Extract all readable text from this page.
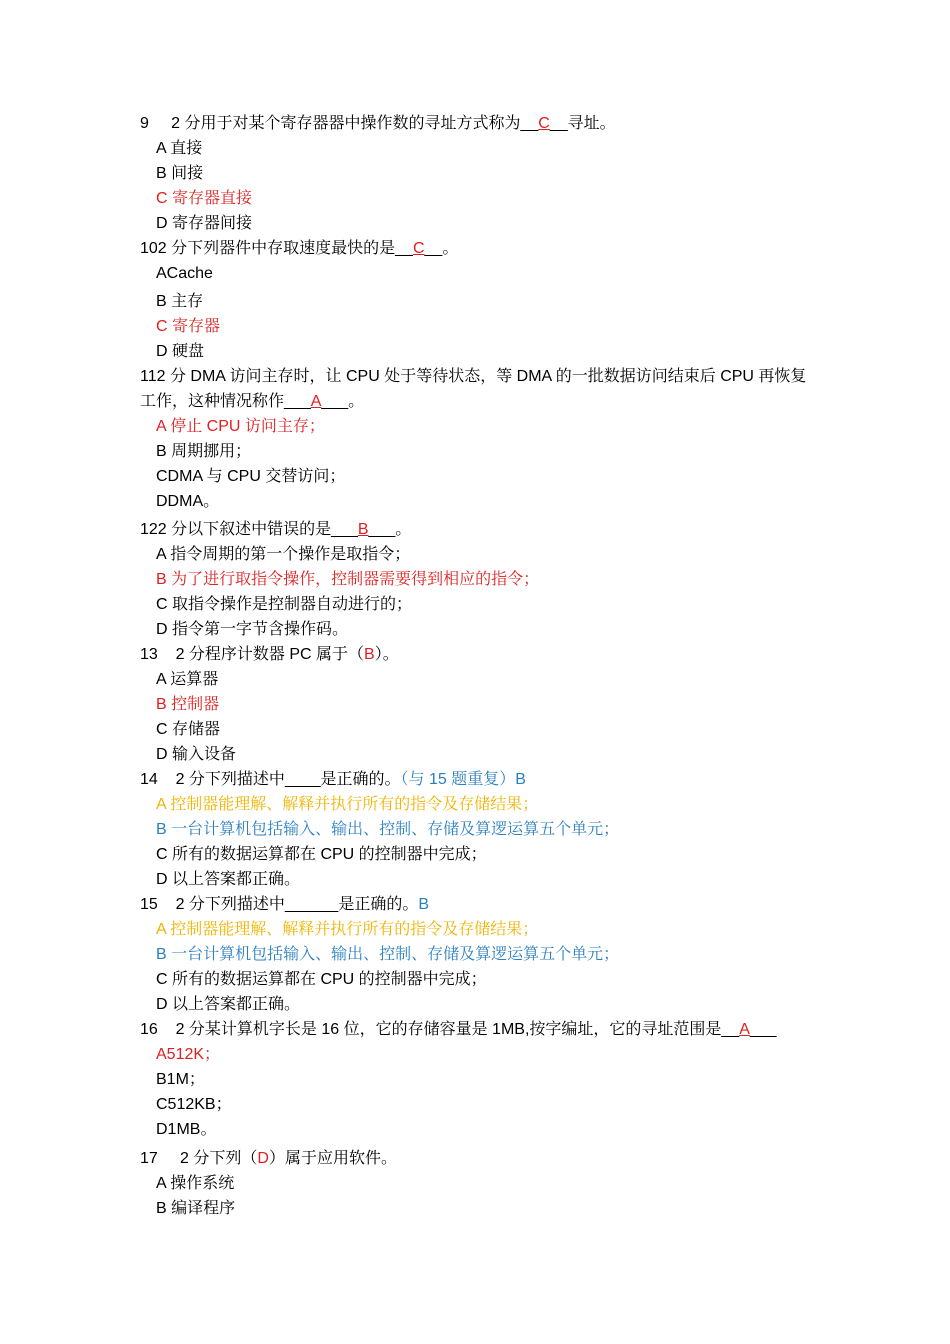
9 2 分用于对某个寄存器器中操作数的寻址方式称为__C__寻址。
A 直接
B 间接
C 寄存器直接
D 寄存器间接
102 分下列器件中存取速度最快的是__C__。
ACache
B 主存
C 寄存器
D 硬盘
112 分 DMA 访问主存时，让 CPU 处于等待状态，等 DMA 的一批数据访问结束后 CPU 再恢复工作，这种情况称作___A___。
A 停止 CPU 访问主存；
B 周期挪用；
CDMA 与 CPU 交替访问；
DDMA。
122 分以下叙述中错误的是___B___。
A 指令周期的第一个操作是取指令；
B 为了进行取指令操作，控制器需要得到相应的指令；
C 取指令操作是控制器自动进行的；
D 指令第一字节含操作码。
13 2 分程序计数器 PC 属于（B）。
A 运算器
B 控制器
C 存储器
D 输入设备
14 2 分下列描述中____是正确的。（与 15 题重复）B
A 控制器能理解、解释并执行所有的指令及存储结果；
B 一台计算机包括输入、输出、控制、存储及算逻运算五个单元；
C 所有的数据运算都在 CPU 的控制器中完成；
D 以上答案都正确。
15 2 分下列描述中______是正确的。B
A 控制器能理解、解释并执行所有的指令及存储结果；
B 一台计算机包括输入、输出、控制、存储及算逻运算五个单元；
C 所有的数据运算都在 CPU 的控制器中完成；
D 以上答案都正确。
16 2 分某计算机字长是 16 位，它的存储容量是 1MB,按字编址，它的寻址范围是__A___
A512K；
B1M；
C512KB；
D1MB。
17 2 分下列（D）属于应用软件。
A 操作系统
B 编译程序
